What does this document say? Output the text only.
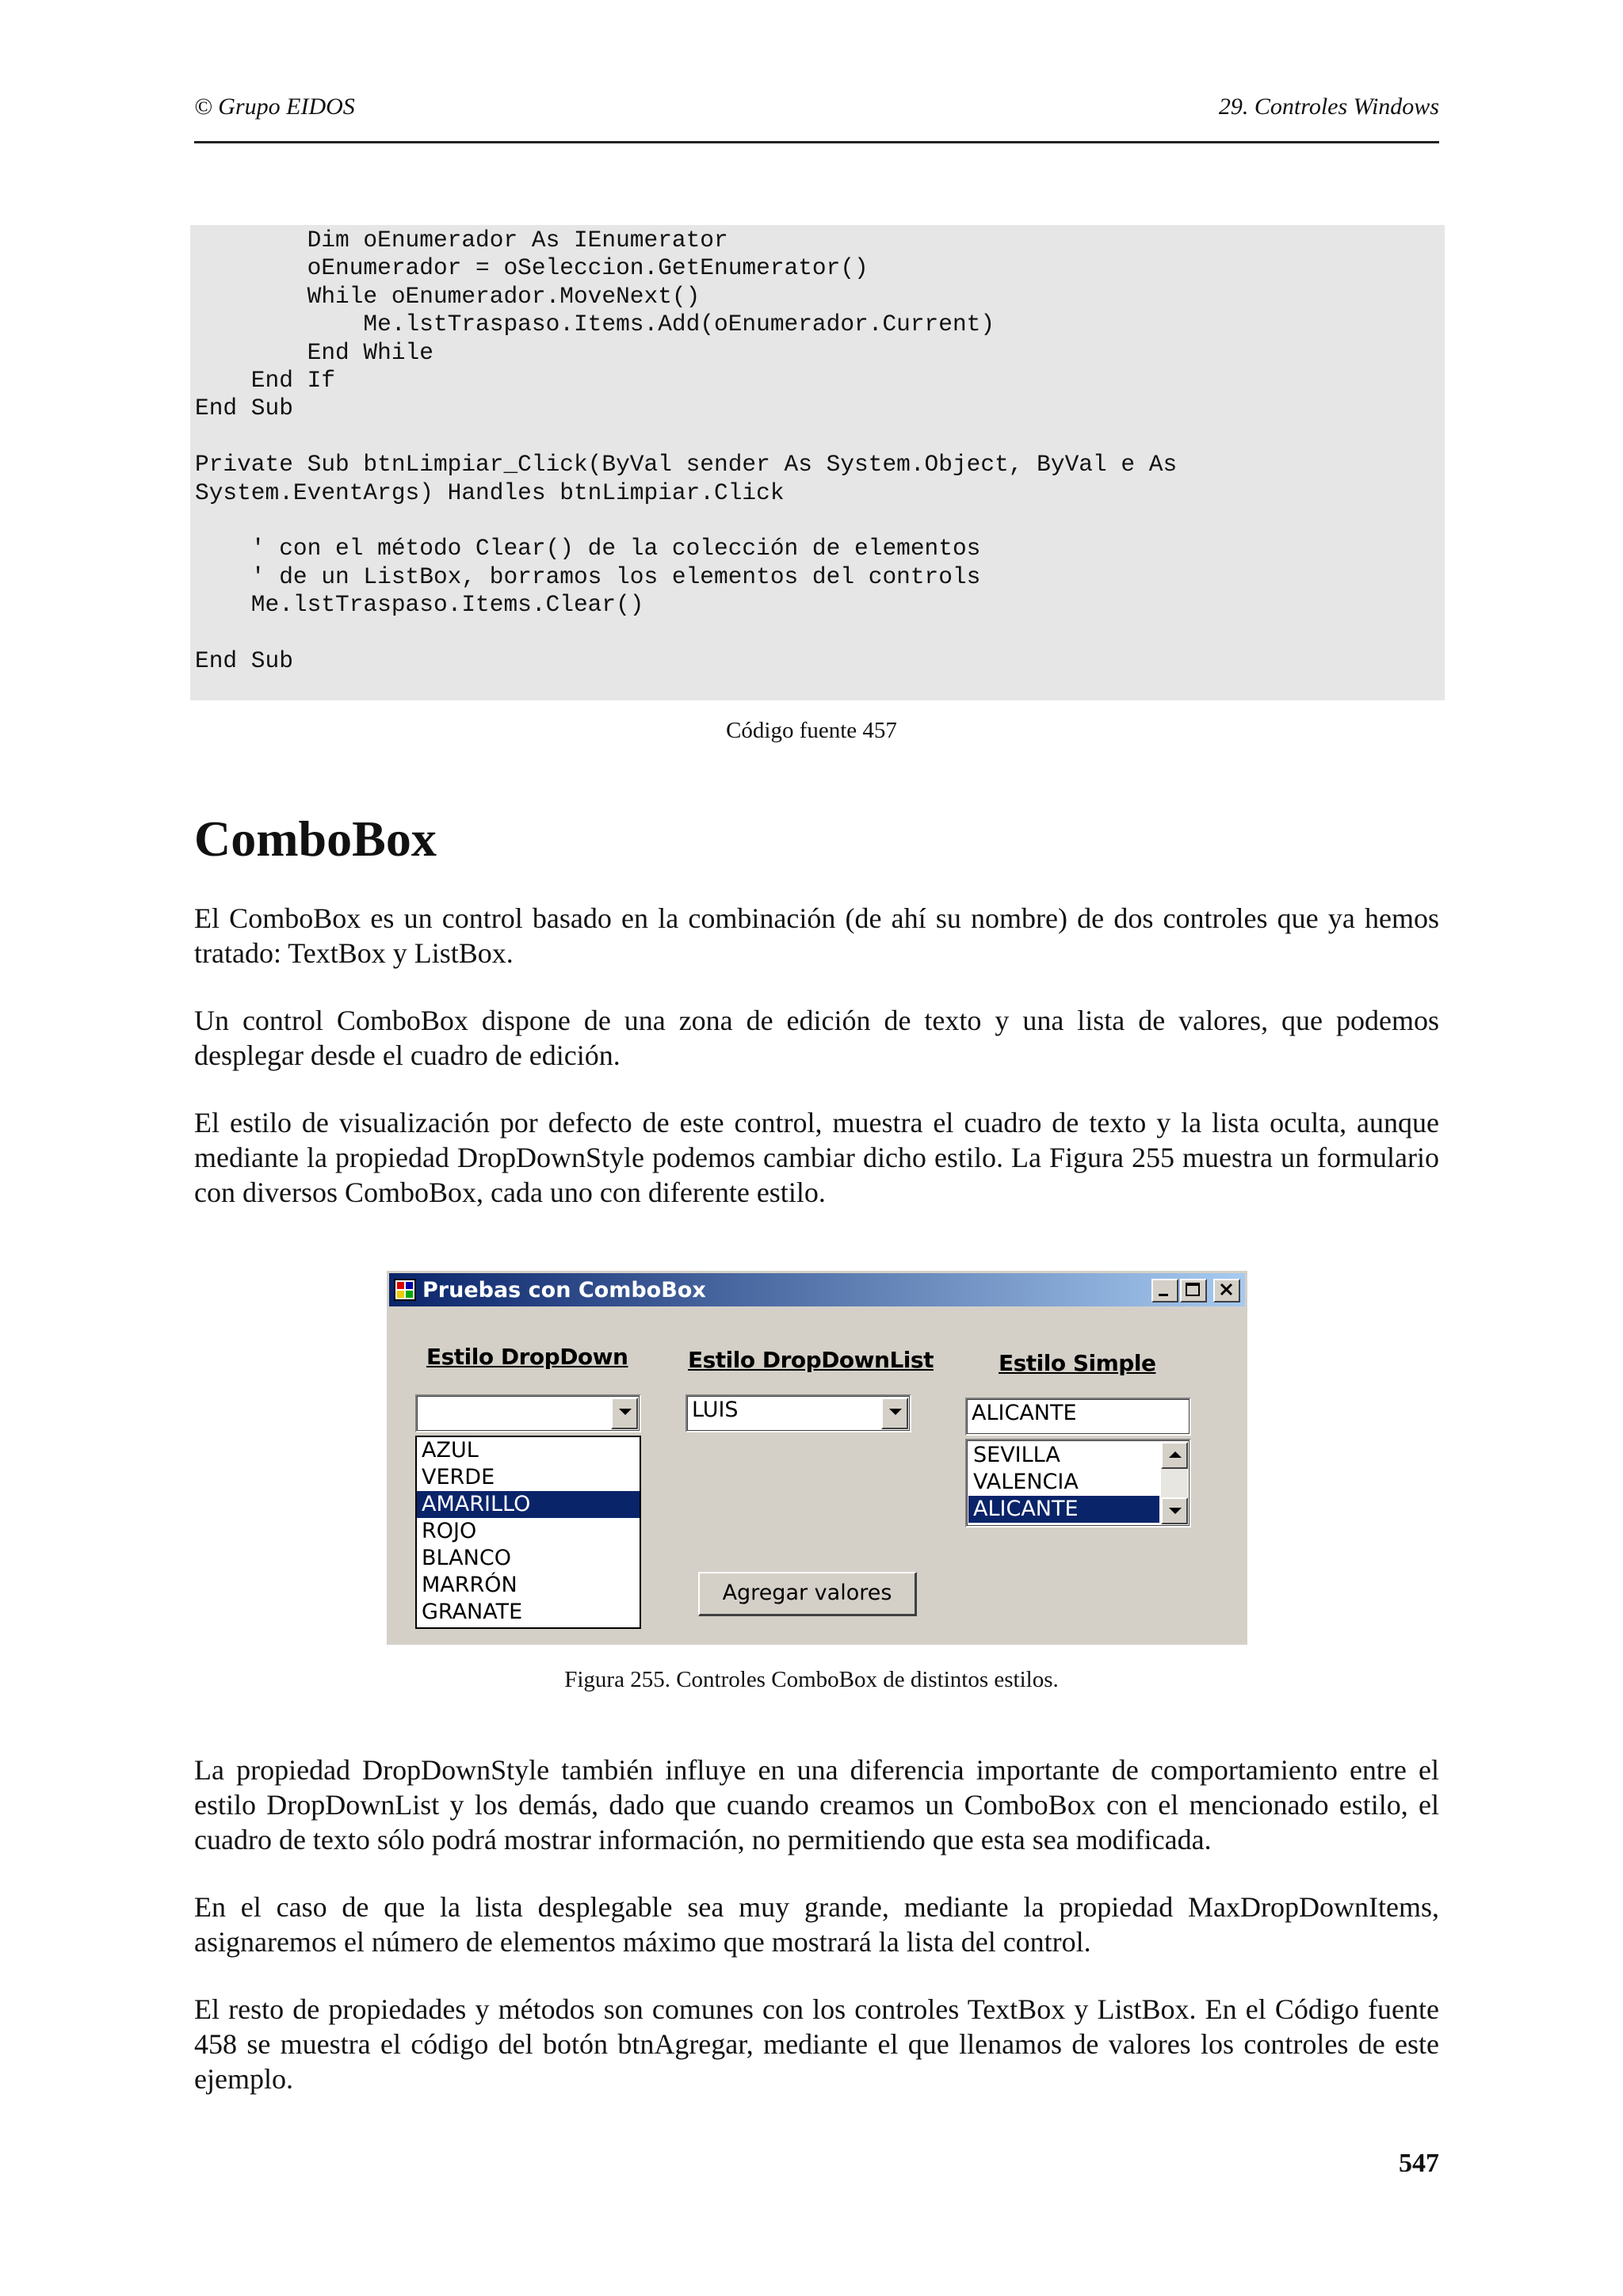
© Grupo EIDOS	29. Controles Windows
Dim oEnumerador As IEnumerator
oEnumerador = oSeleccion.GetEnumerator()
While oEnumerador.MoveNext()
Me.lstTraspaso.Items.Add(oEnumerador.Current)
End While
End If
End Sub

Private Sub btnLimpiar_Click(ByVal sender As System.Object, ByVal e As
System.EventArgs) Handles btnLimpiar.Click

' con el método Clear() de la colección de elementos
' de un ListBox, borramos los elementos del controls
Me.lstTraspaso.Items.Clear()

End Sub
Código fuente 457
ComboBox

El ComboBox es un control basado en la combinación (de ahí su nombre) de dos controles que ya hemos tratado: TextBox y ListBox.

Un control ComboBox dispone de una zona de edición de texto y una lista de valores, que podemos desplegar desde el cuadro de edición.

El estilo de visualización por defecto de este control, muestra el cuadro de texto y la lista oculta, aunque mediante la propiedad DropDownStyle podemos cambiar dicho estilo. La Figura 255 muestra un formulario con diversos ComboBox, cada uno con diferente estilo.

Pruebas con ComboBox
Estilo DropDown	Estilo DropDownList	Estilo Simple
AZUL
VERDE
AMARILLO
ROJO
BLANCO
MARRÓN
GRANATE
LUIS	ALICANTE
SEVILLA
VALENCIA
ALICANTE
Agregar valores
Figura 255. Controles ComboBox de distintos estilos.

La propiedad DropDownStyle también influye en una diferencia importante de comportamiento entre el estilo DropDownList y los demás, dado que cuando creamos un ComboBox con el mencionado estilo, el cuadro de texto sólo podrá mostrar información, no permitiendo que esta sea modificada.

En el caso de que la lista desplegable sea muy grande, mediante la propiedad MaxDropDownItems, asignaremos el número de elementos máximo que mostrará la lista del control.

El resto de propiedades y métodos son comunes con los controles TextBox y ListBox. En el Código fuente 458 se muestra el código del botón btnAgregar, mediante el que llenamos de valores los controles de este ejemplo.

547
